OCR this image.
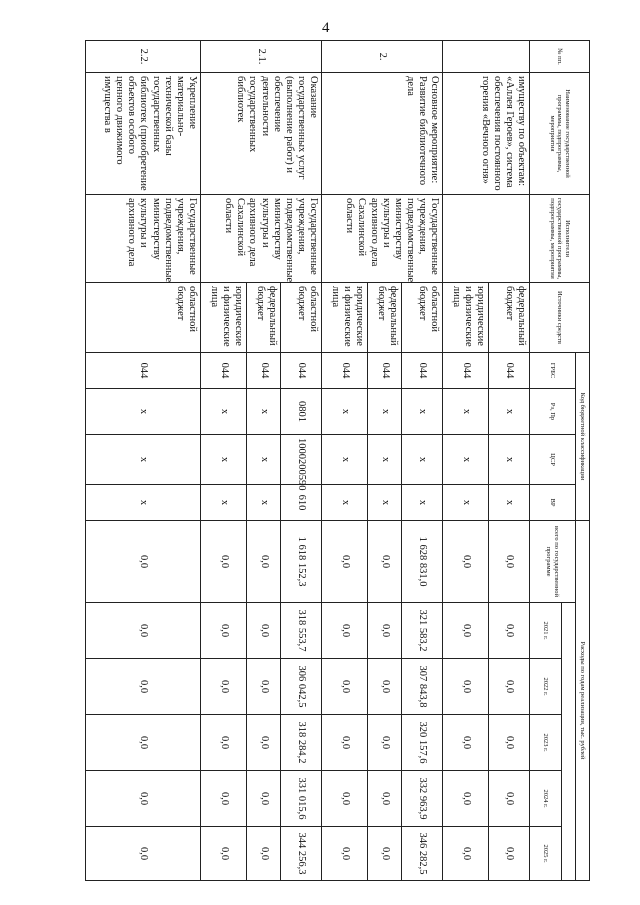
4
№ пп.	Наименование государственной программы, подпрограммы, мероприятия	Исполнители государственной программы, подпрограммы, мероприятия	Источники средств	Код бюджетной классификации				Расходы по годам реализации, тыс. рублей					
				ГРБС	Рз, Пр	ЦСР	ВР	всего по государственной программе					
									2021 г.	2022 г.	2023 г.	2024 г.	2025 г.
	имуществу по объектам: «Аллея Героев», система обеспечения постоянного горения «Вечного огня»		федеральный бюджет	044	х	х	х	0,0	0,0	0,0	0,0	0,0	0,0
			юридические и физические лица	044	х	х	х	0,0	0,0	0,0	0,0	0,0	0,0
2.	Основное мероприятие: Развитие библиотечного дела	Государственные учреждения, подведомственные министерству культуры и архивного дела Сахалинской области	областной бюджет	044	х	х	х	1 628 831,0	321 583,2	307 843,8	320 157,6	332 963,9	346 282,5
			федеральный бюджет	044	х	х	х	0,0	0,0	0,0	0,0	0,0	0,0
			юридические и физические лица	044	х	х	х	0,0	0,0	0,0	0,0	0,0	0,0
2.1.	Оказание государственных услуг (выполнение работ) и обеспечение деятельности государственных библиотек	Государственные учреждения, подведомственные министерству культуры и архивного дела Сахалинской области	областной бюджет	044	0801	1000200590	610	1 618 152,3	318 553,7	306 042,5	318 284,2	331 015,6	344 256,3
			федеральный бюджет	044	х	х	х	0,0	0,0	0,0	0,0	0,0	0,0
			юридические и физические лица	044	х	х	х	0,0	0,0	0,0	0,0	0,0	0,0
2.2.	Укрепление материально-технической базы государственных библиотек (приобретение объектов особого ценного движимого имущества в	Государственные учреждения, подведомственные министерству культуры и архивного дела	областной бюджет	044	х	х	х	0,0	0,0	0,0	0,0	0,0	0,0
